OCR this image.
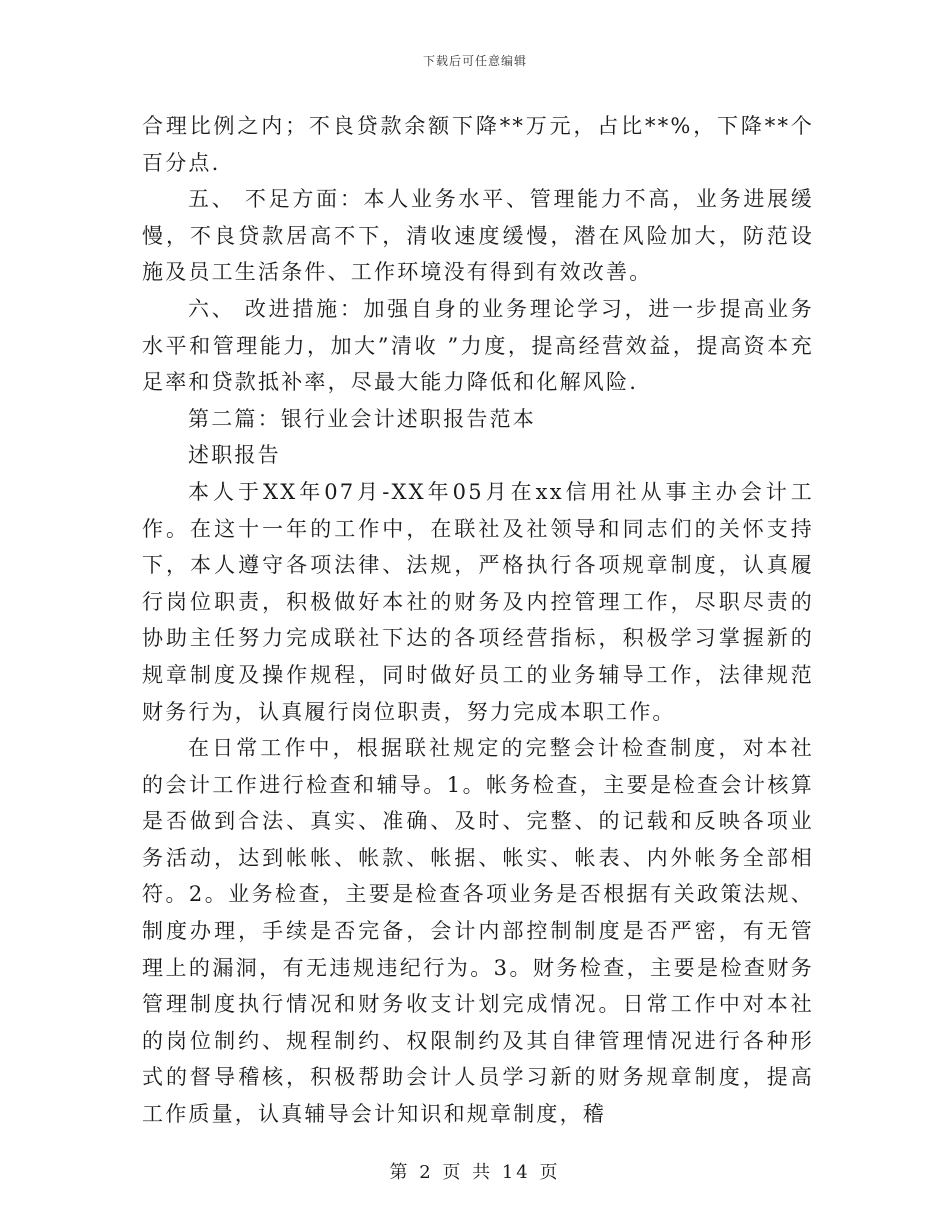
下载后可任意编辑

合理比例之内；不良贷款余额下降**万元，占比**%，下降**个百分点.

五、 不足方面：本人业务水平、管理能力不高，业务进展缓慢，不良贷款居高不下，清收速度缓慢，潜在风险加大，防范设施及员工生活条件、工作环境没有得到有效改善。

六、 改进措施：加强自身的业务理论学习，进一步提高业务水平和管理能力，加大”清收 ”力度，提高经营效益，提高资本充足率和贷款抵补率，尽最大能力降低和化解风险.

第二篇：银行业会计述职报告范本

述职报告

本人于XX年07月-XX年05月在xx信用社从事主办会计工作。在这十一年的工作中，在联社及社领导和同志们的关怀支持下，本人遵守各项法律、法规，严格执行各项规章制度，认真履行岗位职责，积极做好本社的财务及内控管理工作，尽职尽责的协助主任努力完成联社下达的各项经营指标，积极学习掌握新的规章制度及操作规程，同时做好员工的业务辅导工作，法律规范财务行为，认真履行岗位职责，努力完成本职工作。

在日常工作中，根据联社规定的完整会计检查制度，对本社的会计工作进行检查和辅导。1。帐务检查，主要是检查会计核算是否做到合法、真实、准确、及时、完整、的记载和反映各项业务活动，达到帐帐、帐款、帐据、帐实、帐表、内外帐务全部相符。2。业务检查，主要是检查各项业务是否根据有关政策法规、制度办理，手续是否完备，会计内部控制制度是否严密，有无管理上的漏洞，有无违规违纪行为。3。财务检查，主要是检查财务管理制度执行情况和财务收支计划完成情况。日常工作中对本社的岗位制约、规程制约、权限制约及其自律管理情况进行各种形式的督导稽核，积极帮助会计人员学习新的财务规章制度，提高工作质量，认真辅导会计知识和规章制度，稽

第 2 页 共 14 页
